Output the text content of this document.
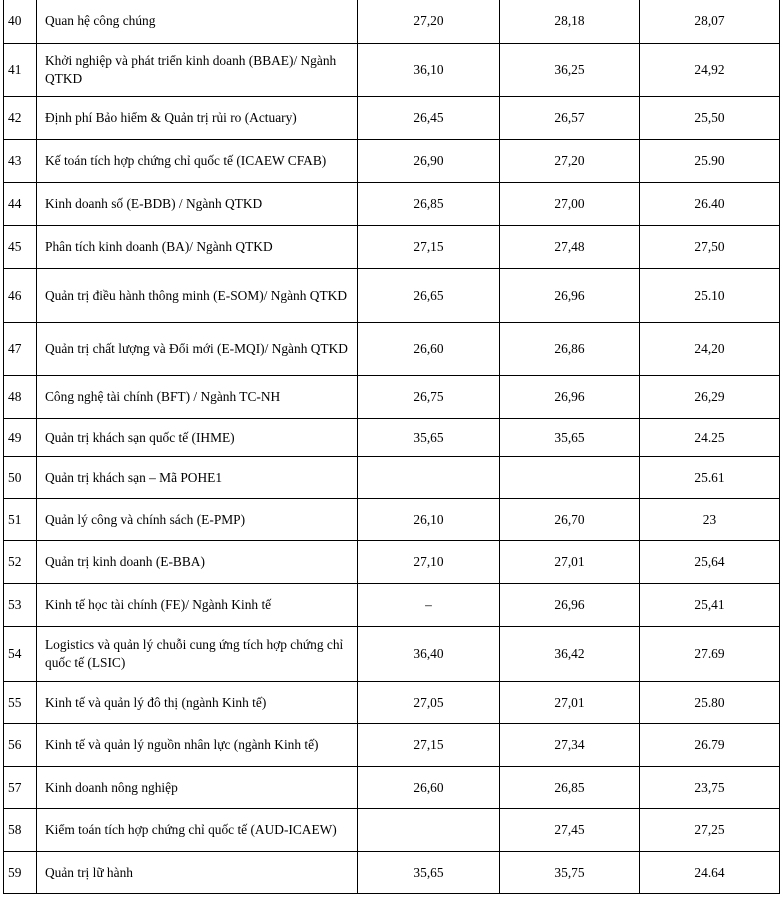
40	Quan hệ công chúng	27,20	28,18	28,07
41	Khởi nghiệp và phát triển kinh doanh (BBAE)/ Ngành QTKD	36,10	36,25	24,92
42	Định phí Bảo hiểm & Quản trị rủi ro (Actuary)	26,45	26,57	25,50
43	Kế toán tích hợp chứng chỉ quốc tế (ICAEW CFAB)	26,90	27,20	25.90
44	Kinh doanh số (E-BDB) / Ngành QTKD	26,85	27,00	26.40
45	Phân tích kinh doanh (BA)/ Ngành QTKD	27,15	27,48	27,50
46	Quản trị điều hành thông minh (E-SOM)/ Ngành QTKD	26,65	26,96	25.10
47	Quản trị chất lượng và Đổi mới (E-MQI)/ Ngành QTKD	26,60	26,86	24,20
48	Công nghệ tài chính (BFT) / Ngành TC-NH	26,75	26,96	26,29
49	Quản trị khách sạn quốc tế (IHME)	35,65	35,65	24.25
50	Quản trị khách sạn – Mã POHE1			25.61
51	Quản lý công và chính sách (E-PMP)	26,10	26,70	23
52	Quản trị kinh doanh (E-BBA)	27,10	27,01	25,64
53	Kinh tế học tài chính (FE)/ Ngành Kinh tế	–	26,96	25,41
54	Logistics và quản lý chuỗi cung ứng tích hợp chứng chỉ quốc tế (LSIC)	36,40	36,42	27.69
55	Kinh tế và quản lý đô thị (ngành Kinh tế)	27,05	27,01	25.80
56	Kinh tế và quản lý nguồn nhân lực (ngành Kinh tế)	27,15	27,34	26.79
57	Kinh doanh nông nghiệp	26,60	26,85	23,75
58	Kiểm toán tích hợp chứng chỉ quốc tế (AUD-ICAEW)		27,45	27,25
59	Quản trị lữ hành	35,65	35,75	24.64
